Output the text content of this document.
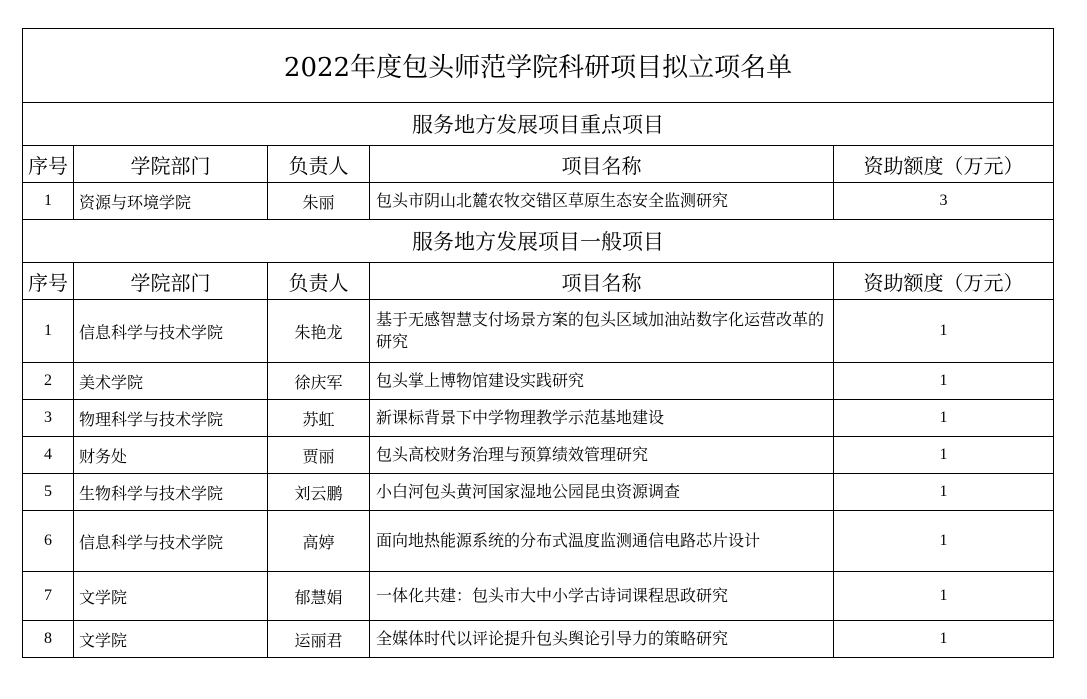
2022年度包头师范学院科研项目拟立项名单				
服务地方发展项目重点项目				
序号	学院部门	负责人	项目名称	资助额度（万元）
1	资源与环境学院	朱丽	包头市阴山北麓农牧交错区草原生态安全监测研究	3
服务地方发展项目一般项目				
序号	学院部门	负责人	项目名称	资助额度（万元）
1	信息科学与技术学院	朱艳龙	基于无感智慧支付场景方案的包头区域加油站数字化运营改革的研究	1
2	美术学院	徐庆军	包头掌上博物馆建设实践研究	1
3	物理科学与技术学院	苏虹	新课标背景下中学物理教学示范基地建设	1
4	财务处	贾丽	包头高校财务治理与预算绩效管理研究	1
5	生物科学与技术学院	刘云鹏	小白河包头黄河国家湿地公园昆虫资源调查	1
6	信息科学与技术学院	高婷	面向地热能源系统的分布式温度监测通信电路芯片设计	1
7	文学院	郁慧娟	一体化共建：包头市大中小学古诗词课程思政研究	1
8	文学院	运丽君	全媒体时代以评论提升包头舆论引导力的策略研究	1
